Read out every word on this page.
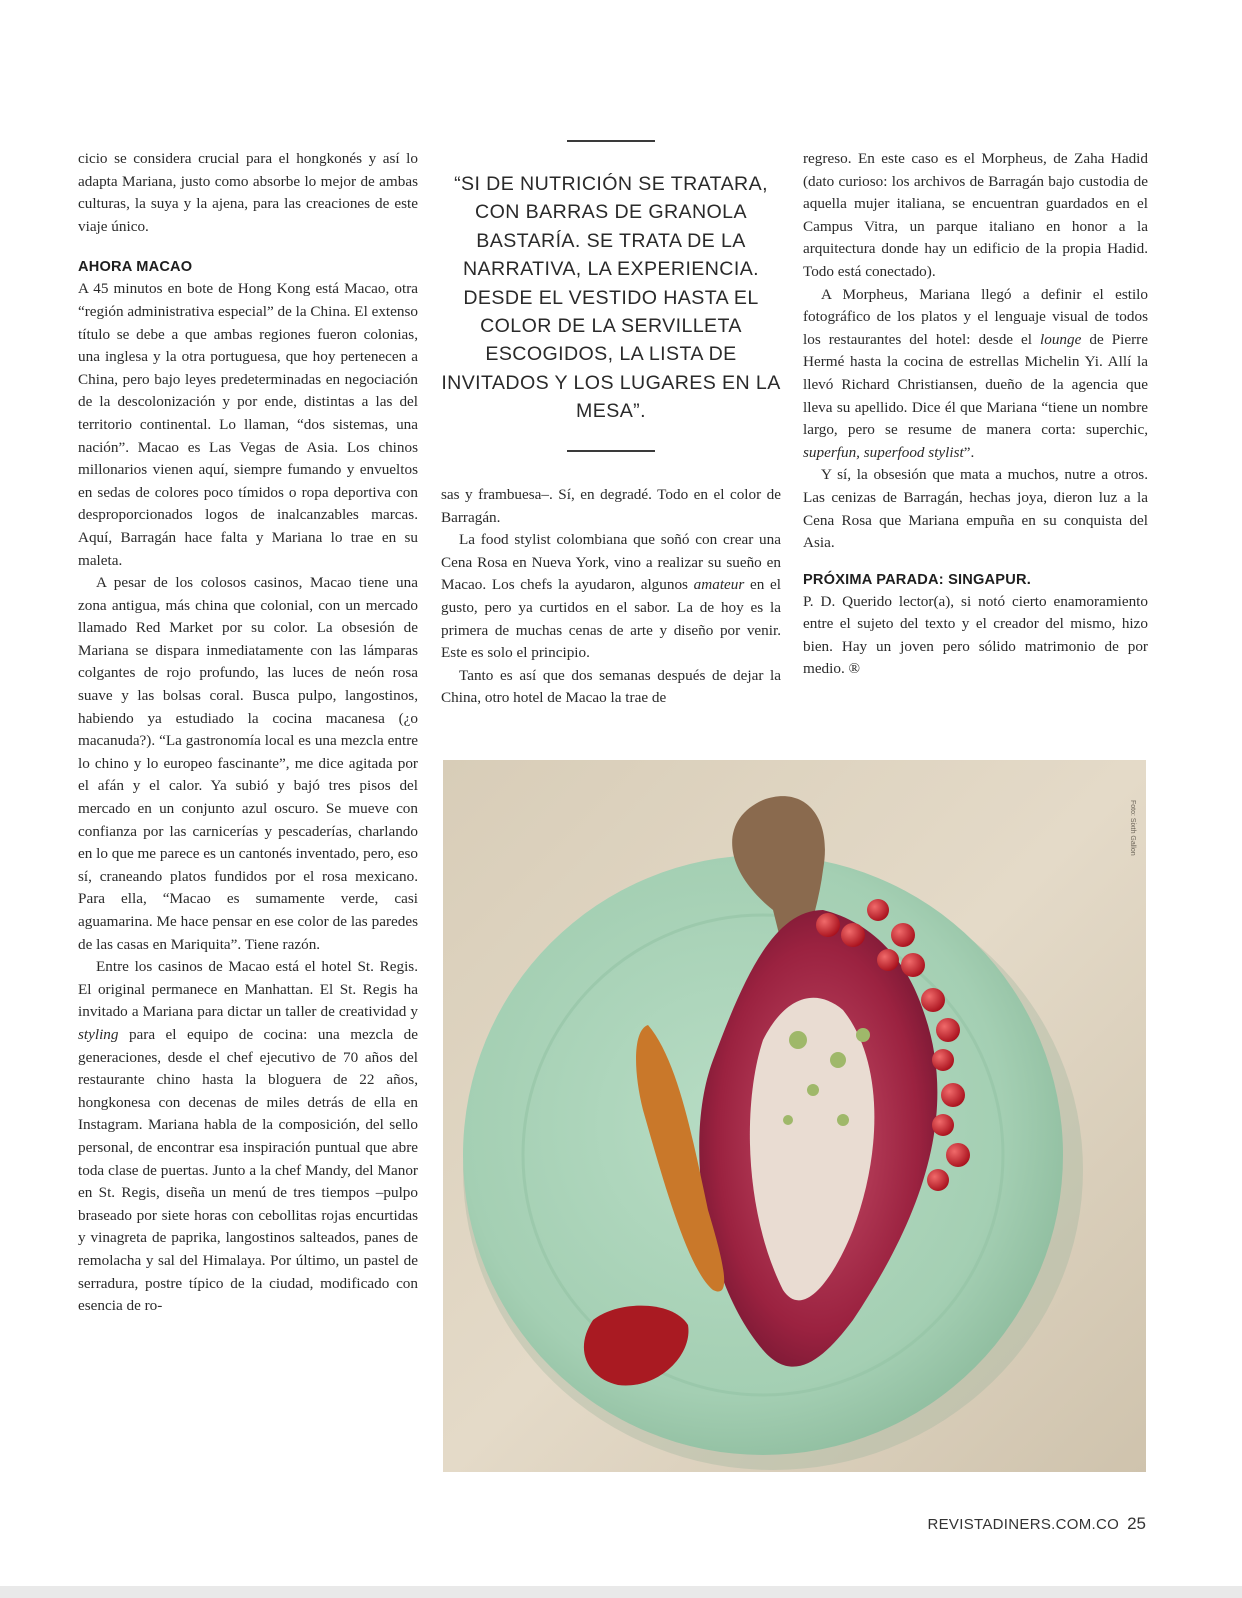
cicio se considera crucial para el hongkonés y así lo adapta Mariana, justo como absorbe lo mejor de ambas culturas, la suya y la ajena, para las creaciones de este viaje único.

AHORA MACAO

A 45 minutos en bote de Hong Kong está Macao, otra “región administrativa especial” de la China. El extenso título se debe a que ambas regiones fueron colonias, una inglesa y la otra portuguesa, que hoy pertenecen a China, pero bajo leyes predeterminadas en negociación de la descolonización y por ende, distintas a las del territorio continental. Lo llaman, “dos sistemas, una nación”. Macao es Las Vegas de Asia. Los chinos millonarios vienen aquí, siempre fumando y envueltos en sedas de colores poco tímidos o ropa deportiva con desproporcionados logos de inalcanzables marcas. Aquí, Barragán hace falta y Mariana lo trae en su maleta.

A pesar de los colosos casinos, Macao tiene una zona antigua, más china que colonial, con un mercado llamado Red Market por su color. La obsesión de Mariana se dispara inmediatamente con las lámparas colgantes de rojo profundo, las luces de neón rosa suave y las bolsas coral. Busca pulpo, langostinos, habiendo ya estudiado la cocina macanesa (¿o macanuda?). “La gastronomía local es una mezcla entre lo chino y lo europeo fascinante”, me dice agitada por el afán y el calor. Ya subió y bajó tres pisos del mercado en un conjunto azul oscuro. Se mueve con confianza por las carnicerías y pescaderías, charlando en lo que me parece es un cantonés inventado, pero, eso sí, craneando platos fundidos por el rosa mexicano. Para ella, “Macao es sumamente verde, casi aguamarina. Me hace pensar en ese color de las paredes de las casas en Mariquita”. Tiene razón.

Entre los casinos de Macao está el hotel St. Regis. El original permanece en Manhattan. El St. Regis ha invitado a Mariana para dictar un taller de creatividad y styling para el equipo de cocina: una mezcla de generaciones, desde el chef ejecutivo de 70 años del restaurante chino hasta la bloguera de 22 años, hongkonesa con decenas de miles detrás de ella en Instagram. Mariana habla de la composición, del sello personal, de encontrar esa inspiración puntual que abre toda clase de puertas. Junto a la chef Mandy, del Manor en St. Regis, diseña un menú de tres tiempos –pulpo braseado por siete horas con cebollitas rojas encurtidas y vinagreta de paprika, langostinos salteados, panes de remolacha y sal del Himalaya. Por último, un pastel de serradura, postre típico de la ciudad, modificado con esencia de ro-

“SI DE NUTRICIÓN SE TRATARA, CON BARRAS DE GRANOLA BASTARÍA. SE TRATA DE LA NARRATIVA, LA EXPERIENCIA. DESDE EL VESTIDO HASTA EL COLOR DE LA SERVILLETA ESCOGIDOS, LA LISTA DE INVITADOS Y LOS LUGARES EN LA MESA”.

sas y frambuesa–. Sí, en degradé. Todo en el color de Barragán.

La food stylist colombiana que soñó con crear una Cena Rosa en Nueva York, vino a realizar su sueño en Macao. Los chefs la ayudaron, algunos amateur en el gusto, pero ya curtidos en el sabor. La de hoy es la primera de muchas cenas de arte y diseño por venir. Este es solo el principio.

Tanto es así que dos semanas después de dejar la China, otro hotel de Macao la trae de

regreso. En este caso es el Morpheus, de Zaha Hadid (dato curioso: los archivos de Barragán bajo custodia de aquella mujer italiana, se encuentran guardados en el Campus Vitra, un parque italiano en honor a la arquitectura donde hay un edificio de la propia Hadid. Todo está conectado).

A Morpheus, Mariana llegó a definir el estilo fotográfico de los platos y el lenguaje visual de todos los restaurantes del hotel: desde el lounge de Pierre Hermé hasta la cocina de estrellas Michelin Yi. Allí la llevó Richard Christiansen, dueño de la agencia que lleva su apellido. Dice él que Mariana “tiene un nombre largo, pero se resume de manera corta: superchic, superfun, superfood stylist”.

Y sí, la obsesión que mata a muchos, nutre a otros. Las cenizas de Barragán, hechas joya, dieron luz a la Cena Rosa que Mariana empuña en su conquista del Asia.

PRÓXIMA PARADA: SINGAPUR.

P. D. Querido lector(a), si notó cierto enamoramiento entre el sujeto del texto y el creador del mismo, hizo bien. Hay un joven pero sólido matrimonio de por medio. ®

Foto: Sixth Gallon
REVISTADINERS.COM.CO 25
